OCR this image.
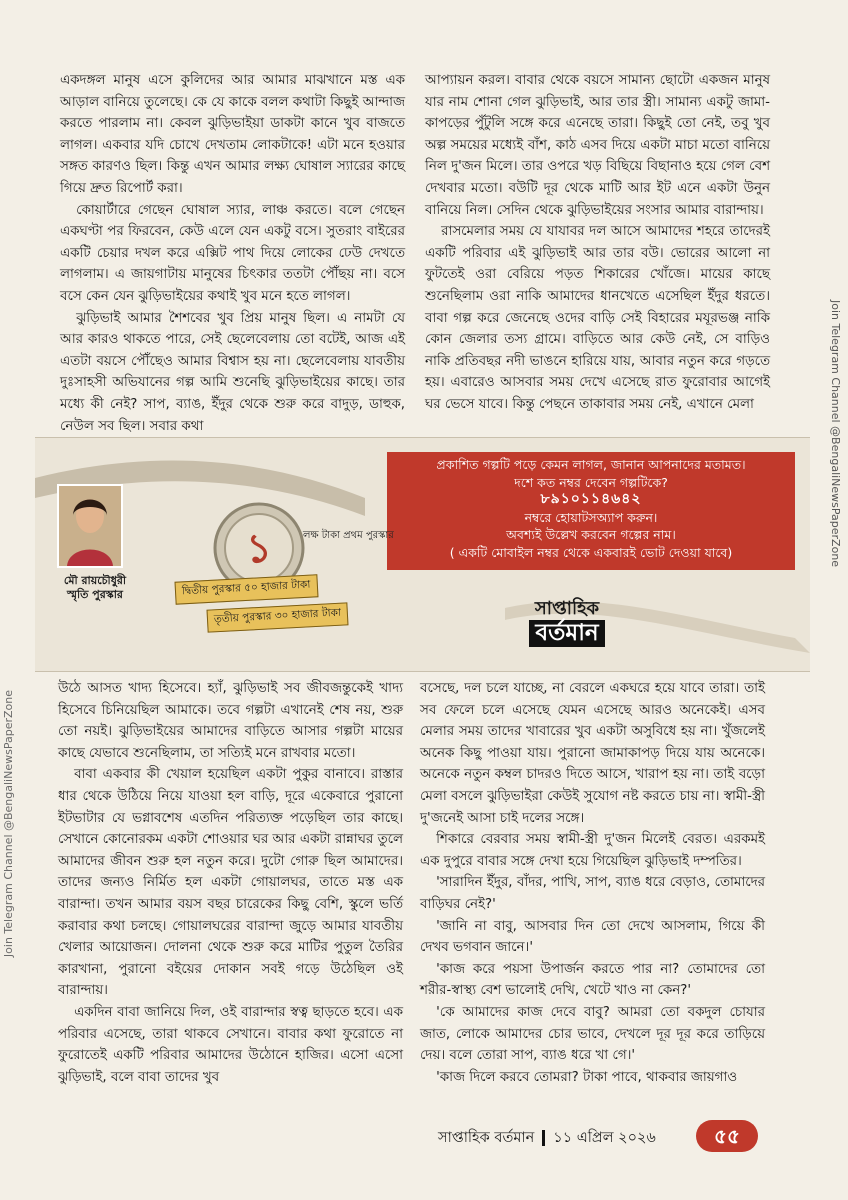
একদঙ্গল মানুষ এসে কুলিদের আর আমার মাঝখানে মস্ত এক আড়াল বানিয়ে তুলেছে। কে যে কাকে বলল কথাটা কিছুই আন্দাজ করতে পারলাম না। কেবল ঝুড়িভাইয়া ডাকটা কানে খুব বাজতে লাগল। একবার যদি চোখে দেখতাম লোকটাকে! এটা মনে হওয়ার সঙ্গত কারণও ছিল। কিন্তু এখন আমার লক্ষ্য ঘোষাল স্যারের কাছে গিয়ে দ্রুত রিপোর্ট করা।

কোয়ার্টারে গেছেন ঘোষাল স্যার, লাঞ্চ করতে। বলে গেছেন একঘণ্টা পর ফিরবেন, কেউ এলে যেন একটু বসে। সুতরাং বাইরের একটি চেয়ার দখল করে এক্সিট পাথ দিয়ে লোকের ঢেউ দেখতে লাগলাম। এ জায়গাটায় মানুষের চিৎকার ততটা পৌঁছয় না। বসে বসে কেন যেন ঝুড়িভাইয়ের কথাই খুব মনে হতে লাগল।

ঝুড়িভাই আমার শৈশবের খুব প্রিয় মানুষ ছিল। এ নামটা যে আর কারও থাকতে পারে, সেই ছেলেবেলায় তো বটেই, আজ এই এতটা বয়সে পৌঁছেও আমার বিশ্বাস হয় না। ছেলেবেলায় যাবতীয় দুঃসাহসী অভিযানের গল্প আমি শুনেছি ঝুড়িভাইয়ের কাছে। তার মধ্যে কী নেই? সাপ, ব্যাঙ, ইঁদুর থেকে শুরু করে বাদুড়, ডাহুক, নেউল সব ছিল। সবার কথা

আপ্যায়ন করল। বাবার থেকে বয়সে সামান্য ছোটো একজন মানুষ যার নাম শোনা গেল ঝুড়িভাই, আর তার স্ত্রী। সামান্য একটু জামা-কাপড়ের পুঁটুলি সঙ্গে করে এনেছে তারা। কিছুই তো নেই, তবু খুব অল্প সময়ের মধ্যেই বাঁশ, কাঠ এসব দিয়ে একটা মাচা মতো বানিয়ে নিল দু'জন মিলে। তার ওপরে খড় বিছিয়ে বিছানাও হয়ে গেল বেশ দেখবার মতো। বউটি দূর থেকে মাটি আর ইট এনে একটা উনুন বানিয়ে নিল। সেদিন থেকে ঝুড়িভাইয়ের সংসার আমার বারান্দায়।

রাসমেলার সময় যে যাযাবর দল আসে আমাদের শহরে তাদেরই একটি পরিবার এই ঝুড়িভাই আর তার বউ। ভোরের আলো না ফুটতেই ওরা বেরিয়ে পড়ত শিকারের খোঁজে। মায়ের কাছে শুনেছিলাম ওরা নাকি আমাদের ধানখেতে এসেছিল ইঁদুর ধরতে। বাবা গল্প করে জেনেছে ওদের বাড়ি সেই বিহারের মযূরভঞ্জ নাকি কোন জেলার তস্য গ্রামে। বাড়িতে আর কেউ নেই, সে বাড়িও নাকি প্রতিবছর নদী ভাঙনে হারিয়ে যায়, আবার নতুন করে গড়তে হয়। এবারেও আসবার সময় দেখে এসেছে রাত ফুরোবার আগেই ঘর ভেসে যাবে। কিন্তু পেছনে তাকাবার সময় নেই, এখানে মেলা

প্রকাশিত গল্পটি পড়ে কেমন লাগল, জানান আপনাদের মতামত।
দশে কত নম্বর দেবেন গল্পটিকে?
৮৯১০১১৪৬৪২
নম্বরে হোয়াটসঅ্যাপ করুন।
অবশ্যই উল্লেখ করবেন গল্পের নাম।
( একটি মোবাইল নম্বর থেকে একবারই ভোট দেওয়া যাবে)
মৌ রায়চৌধুরী
স্মৃতি পুরস্কার
১	লক্ষ টাকা প্রথম পুরস্কার
দ্বিতীয় পুরস্কার ৫০ হাজার টাকা
তৃতীয় পুরস্কার ৩০ হাজার টাকা	সাপ্তাহিক
বর্তমান

উঠে আসত খাদ্য হিসেবে। হ্যাঁ, ঝুড়িভাই সব জীবজন্তুকেই খাদ্য হিসেবে চিনিয়েছিল আমাকে। তবে গল্পটা এখানেই শেষ নয়, শুরু তো নয়ই। ঝুড়িভাইয়ের আমাদের বাড়িতে আসার গল্পটা মায়ের কাছে যেভাবে শুনেছিলাম, তা সত্যিই মনে রাখবার মতো।

বাবা একবার কী খেয়াল হয়েছিল একটা পুকুর বানাবে। রাস্তার ধার থেকে উঠিয়ে নিয়ে যাওয়া হল বাড়ি, দূরে একেবারে পুরানো ইটভাটার যে ভগ্নাবশেষ এতদিন পরিত্যক্ত পড়েছিল তার কাছে। সেখানে কোনোরকম একটা শোওয়ার ঘর আর একটা রান্নাঘর তুলে আমাদের জীবন শুরু হল নতুন করে। দুটো গোরু ছিল আমাদের। তাদের জন্যও নির্মিত হল একটা গোয়ালঘর, তাতে মস্ত এক বারান্দা। তখন আমার বয়স বছর চারেকের কিছু বেশি, স্কুলে ভর্তি করাবার কথা চলছে। গোয়ালঘরের বারান্দা জুড়ে আমার যাবতীয় খেলার আয়োজন। দোলনা থেকে শুরু করে মাটির পুতুল তৈরির কারখানা, পুরানো বইয়ের দোকান সবই গড়ে উঠেছিল ওই বারান্দায়।

একদিন বাবা জানিয়ে দিল, ওই বারান্দার স্বত্ব ছাড়তে হবে। এক পরিবার এসেছে, তারা থাকবে সেখানে। বাবার কথা ফুরোতে না ফুরোতেই একটি পরিবার আমাদের উঠোনে হাজির। এসো এসো ঝুড়িভাই, বলে বাবা তাদের খুব

বসেছে, দল চলে যাচ্ছে, না বেরলে একঘরে হয়ে যাবে তারা। তাই সব ফেলে চলে এসেছে যেমন এসেছে আরও অনেকেই। এসব মেলার সময় তাদের খাবারের খুব একটা অসুবিধে হয় না। খুঁজলেই অনেক কিছু পাওয়া যায়। পুরানো জামাকাপড় দিয়ে যায় অনেকে। অনেকে নতুন কম্বল চাদরও দিতে আসে, খারাপ হয় না। তাই বড়ো মেলা বসলে ঝুড়িভাইরা কেউই সুযোগ নষ্ট করতে চায় না। স্বামী-স্ত্রী দু'জনেই আসা চাই দলের সঙ্গে।

শিকারে বেরবার সময় স্বামী-স্ত্রী দু'জন মিলেই বেরত। এরকমই এক দুপুরে বাবার সঙ্গে দেখা হয়ে গিয়েছিল ঝুড়িভাই দম্পতির।

'সারাদিন ইঁদুর, বাঁদর, পাখি, সাপ, ব্যাঙ ধরে বেড়াও, তোমাদের বাড়িঘর নেই?'

'জানি না বাবু, আসবার দিন তো দেখে আসলাম, গিয়ে কী দেখব ভগবান জানে।'

'কাজ করে পয়সা উপার্জন করতে পার না? তোমাদের তো শরীর-স্বাস্থ্য বেশ ভালোই দেখি, খেটে খাও না কেন?'

'কে আমাদের কাজ দেবে বাবু? আমরা তো বকদুল চোযার জাত, লোকে আমাদের চোর ভাবে, দেখলে দূর দূর করে তাড়িয়ে দেয়। বলে তোরা সাপ, ব্যাঙ ধরে খা গে।'

'কাজ দিলে করবে তোমরা? টাকা পাবে, থাকবার জায়গাও

Join Telegram Channel @BengaliNewsPaperZone
Join Telegram Channel @BengaliNewsPaperZone
সাপ্তাহিক বর্তমান ১১ এপ্রিল ২০২৬	৫৫
